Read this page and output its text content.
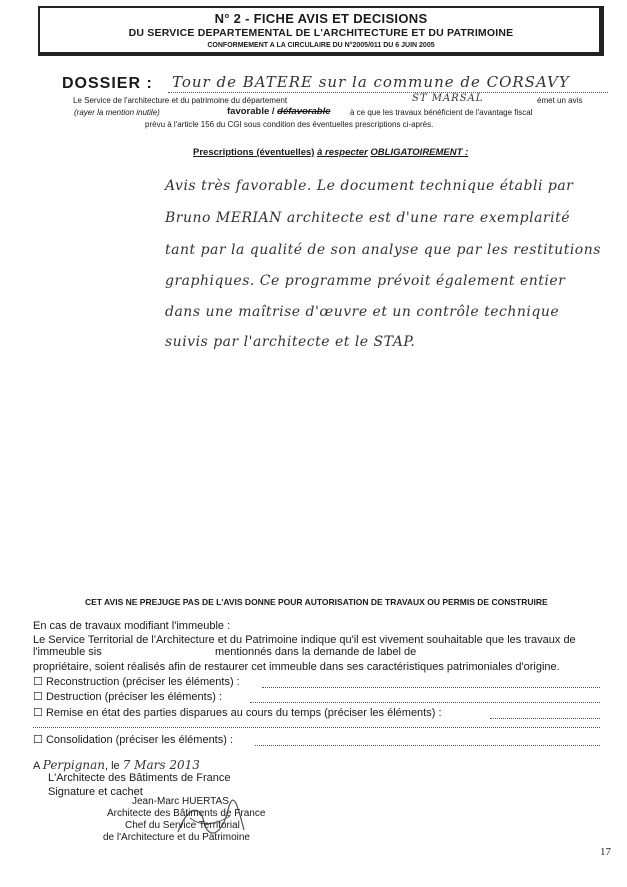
N° 2 - FICHE AVIS ET DECISIONS
DU SERVICE DEPARTEMENTAL DE L'ARCHITECTURE ET DU PATRIMOINE
CONFORMEMENT A LA CIRCULAIRE DU N°2005/011 DU 6 JUIN 2005
DOSSIER : Tour de BATERE sur la commune de CORSAVY
Le Service de l'architecture et du patrimoine du département	ST MARSAL	émet un avis
(rayer la mention inutile)	favorable / défavorable à ce que les travaux bénéficient de l'avantage fiscal
prévu à l'article 156 du CGI sous condition des éventuelles prescriptions ci-après.
Prescriptions (éventuelles) à respecter OBLIGATOIREMENT :
Avis très favorable. Le document technique établi par
Bruno MERIAN architecte est d'une rare exemplarité
tant par la qualité de son analyse que par les restitutions
graphiques. Ce programme prévoit également entier
dans une maîtrise d'œuvre et un contrôle technique
suivis par l'architecte et le STAP.
CET AVIS NE PREJUGE PAS DE L'AVIS DONNE POUR AUTORISATION DE TRAVAUX OU PERMIS DE CONSTRUIRE
En cas de travaux modifiant l'immeuble :
Le Service Territorial de l'Architecture et du Patrimoine indique qu'il est vivement souhaitable que les travaux de
l'immeuble sis	mentionnés dans la demande de label de
propriétaire, soient réalisés afin de restaurer cet immeuble dans ses caractéristiques patrimoniales d'origine.
☐ Reconstruction (préciser les éléments) :
☐ Destruction (préciser les éléments) :
☐ Remise en état des parties disparues au cours du temps (préciser les éléments) :
☐ Consolidation (préciser les éléments) :
A Perpignan, le 7 Mars 2013
L'Architecte des Bâtiments de France
Signature et cachet
Jean-Marc HUERTAS
Architecte des Bâtiments de France
Chef du Service Territorial
de l'Architecture et du Patrimoine
17
